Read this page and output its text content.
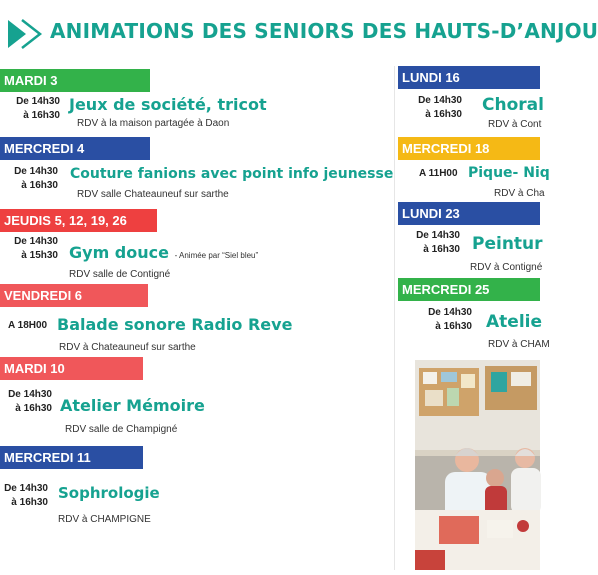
ANIMATIONS DES SENIORS DES HAUTS-D’ANJOU
MARDI 3
De 14h30
à 16h30
Jeux de société, tricot
RDV à la maison partagée à Daon
MERCREDI 4
De 14h30
à 16h30
Couture fanions avec point info jeunesse
RDV salle Chateauneuf sur sarthe
JEUDIS 5, 12, 19, 26
De 14h30
à 15h30 Gym douce - Animée par “Siel bleu”
RDV salle de Contigné
VENDREDI 6
A 18H00 Balade sonore Radio Reve
RDV à Chateauneuf sur sarthe
MARDI 10
De 14h30
à 16h30 Atelier Mémoire
RDV salle de Champigné
MERCREDI 11
De 14h30
à 16h30
Sophrologie
RDV à CHAMPIGNE
LUNDI 16
De 14h30
à 16h30 Choral
RDV à Cont
MERCREDI 18
A 11H00 Pique- Niq
RDV à Cha
LUNDI 23
De 14h30
à 16h30 Peintur
RDV à Contigné
MERCREDI 25
De 14h30
à 16h30 Atelie
RDV à CHAM
